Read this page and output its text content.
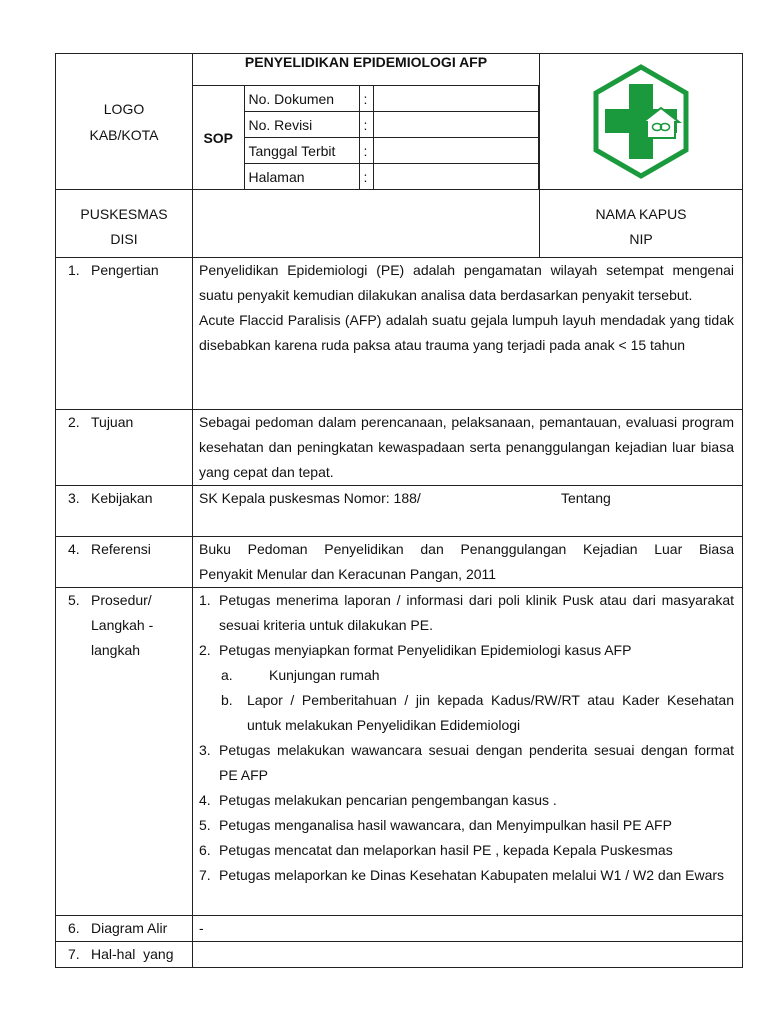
LOGO
KAB/KOTA

PENYELIDIKAN EPIDEMIOLOGI AFP
SOP	No. Dokumen	:	
No. Revisi	:	
Tanggal Terbit	:	
Halaman	:	

PUSKESMAS
DISI

NAMA KAPUS
NIP

1. Pengertian	Penyelidikan Epidemiologi (PE) adalah pengamatan wilayah setempat mengenai suatu penyakit kemudian dilakukan analisa data berdasarkan penyakit tersebut.
Acute Flaccid Paralisis (AFP) adalah suatu gejala lumpuh layuh mendadak yang tidak disebabkan karena ruda paksa atau trauma yang terjadi pada anak < 15 tahun

2. Tujuan	Sebagai pedoman dalam perencanaan, pelaksanaan, pemantauan, evaluasi program kesehatan dan peningkatan kewaspadaan serta penanggulangan kejadian luar biasa yang cepat dan tepat.
3. Kebijakan	SK Kepala puskesmas Nomor: 188/	Tentang
4. Referensi	Buku Pedoman Penyelidikan dan Penanggulangan Kejadian Luar Biasa
Penyakit Menular dan Keracunan Pangan, 2011

5. Prosedur/
Langkah -
langkah

1. Petugas menerima laporan / informasi dari poli klinik Pusk atau dari masyarakat sesuai kriteria untuk dilakukan PE.
2. Petugas menyiapkan format Penyelidikan Epidemiologi kasus AFP
a.	Kunjungan rumah
b. Lapor / Pemberitahuan / jin kepada Kadus/RW/RT atau Kader Kesehatan untuk melakukan Penyelidikan Edidemiologi
3. Petugas melakukan wawancara sesuai dengan penderita sesuai dengan format PE AFP
4. Petugas melakukan pencarian pengembangan kasus .
5. Petugas menganalisa hasil wawancara, dan Menyimpulkan hasil PE AFP
6. Petugas mencatat dan melaporkan hasil PE , kepada Kepala Puskesmas
7. Petugas melaporkan ke Dinas Kesehatan Kabupaten melalui W1 / W2 dan Ewars

6. Diagram Alir	-
7. Hal-hal  yang	
